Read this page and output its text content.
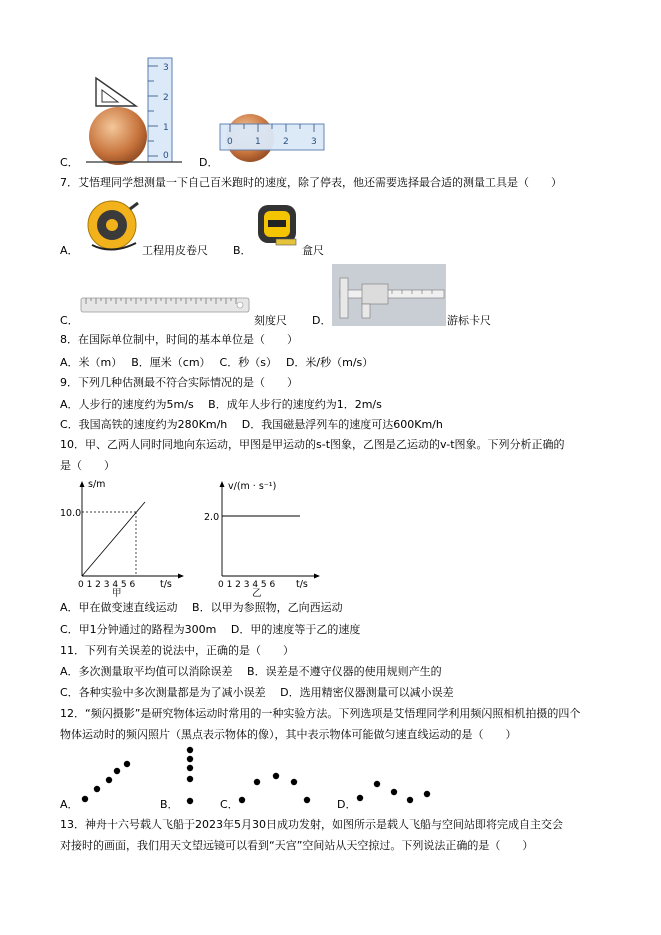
C．
3
2
1
0	D．
0 1 2 3
7．艾悟理同学想测量一下自己百米跑时的速度，除了停表，他还需要选择最合适的测量工具是（　　）
A．	工程用皮卷尺 B．	盒尺
C．	刻度尺 D．	游标卡尺
8．在国际单位制中，时间的基本单位是（　　）
A．米（m）　 B．厘米（cm）　 C．秒（s）　 D．米/秒（m/s）
9．下列几种估测最不符合实际情况的是（　　）
A．人步行的速度约为5m/s　 B．成年人步行的速度约为1．2m/s
C．我国高铁的速度约为280Km/h　 D．我国磁悬浮列车的速度可达600Km/h
10．甲、乙两人同时同地向东运动，甲图是甲运动的s-t图象，乙图是乙运动的v-t图象。下列分析正确的
是（　　）
s/m
10.0
0 1 2 3 4 5 6	t/s
甲
v/(m · s⁻¹)
2.0
0 1 2 3 4 5 6 t/s
乙
A．甲在做变速直线运动　 B．以甲为参照物，乙向西运动
C．甲1分钟通过的路程为300m　 D．甲的速度等于乙的速度
11．下列有关误差的说法中，正确的是（　　）
A．多次测量取平均值可以消除误差　 B．误差是不遵守仪器的使用规则产生的
C．各种实验中多次测量都是为了减小误差　 D．选用精密仪器测量可以减小误差
12．“频闪摄影”是研究物体运动时常用的一种实验方法。下列选项是艾悟理同学利用频闪照相机拍摄的四个
物体运动时的频闪照片（黑点表示物体的像），其中表示物体可能做匀速直线运动的是（　　）
A．	B．	C．	D．
13．神舟十六号载人飞船于2023年5月30日成功发射，如图所示是载人飞船与空间站即将完成自主交会
对接时的画面，我们用天文望远镜可以看到“天宫”空间站从天空掠过。下列说法正确的是（　　）
